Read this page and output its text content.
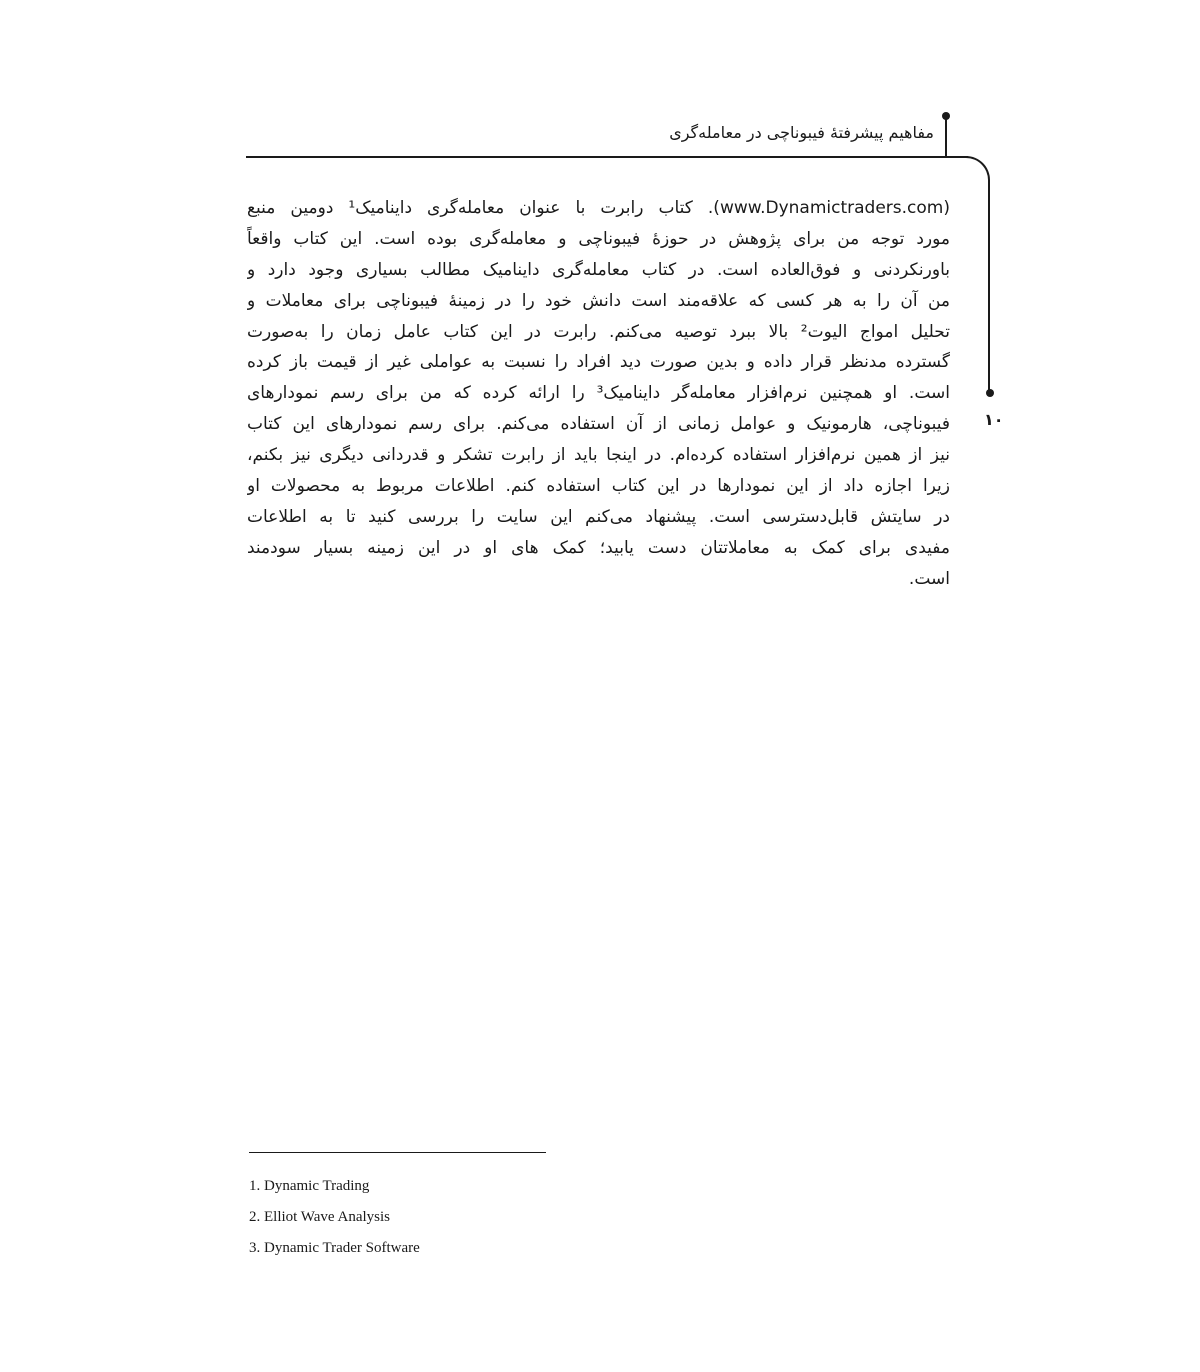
مفاهیم پیشرفتهٔ فیبوناچی در معامله‌گری
۱۰
(www.Dynamictraders.com). کتاب رابرت با عنوان معامله‌گری داینامیک¹ دومین منبع
مورد توجه من برای پژوهش در حوزهٔ فیبوناچی و معامله‌گری بوده است. این کتاب واقعاً
باورنکردنی و فوق‌العاده است. در کتاب معامله‌گری داینامیک مطالب بسیاری وجود دارد و
من آن را به هر کسی که علاقه‌مند است دانش خود را در زمینهٔ فیبوناچی برای معاملات و
تحلیل امواج الیوت² بالا ببرد توصیه می‌کنم. رابرت در این کتاب عامل زمان را به‌صورت
گسترده مدنظر قرار داده و بدین صورت دید افراد را نسبت به عواملی غیر از قیمت باز کرده
است. او همچنین نرم‌افزار معامله‌گر داینامیک³ را ارائه کرده که من برای رسم نمودارهای
فیبوناچی، هارمونیک و عوامل زمانی از آن استفاده می‌کنم. برای رسم نمودارهای این کتاب
نیز از همین نرم‌افزار استفاده کرده‌ام. در اینجا باید از رابرت تشکر و قدردانی دیگری نیز بکنم،
زیرا اجازه داد از این نمودارها در این کتاب استفاده کنم. اطلاعات مربوط به محصولات او
در سایتش قابل‌دسترسی است. پیشنهاد می‌کنم این سایت را بررسی کنید تا به اطلاعات
مفیدی برای کمک به معاملاتتان دست یابید؛ کمک های او در این زمینه بسیار سودمند
است.
1. Dynamic Trading
2. Elliot Wave Analysis
3. Dynamic Trader Software
